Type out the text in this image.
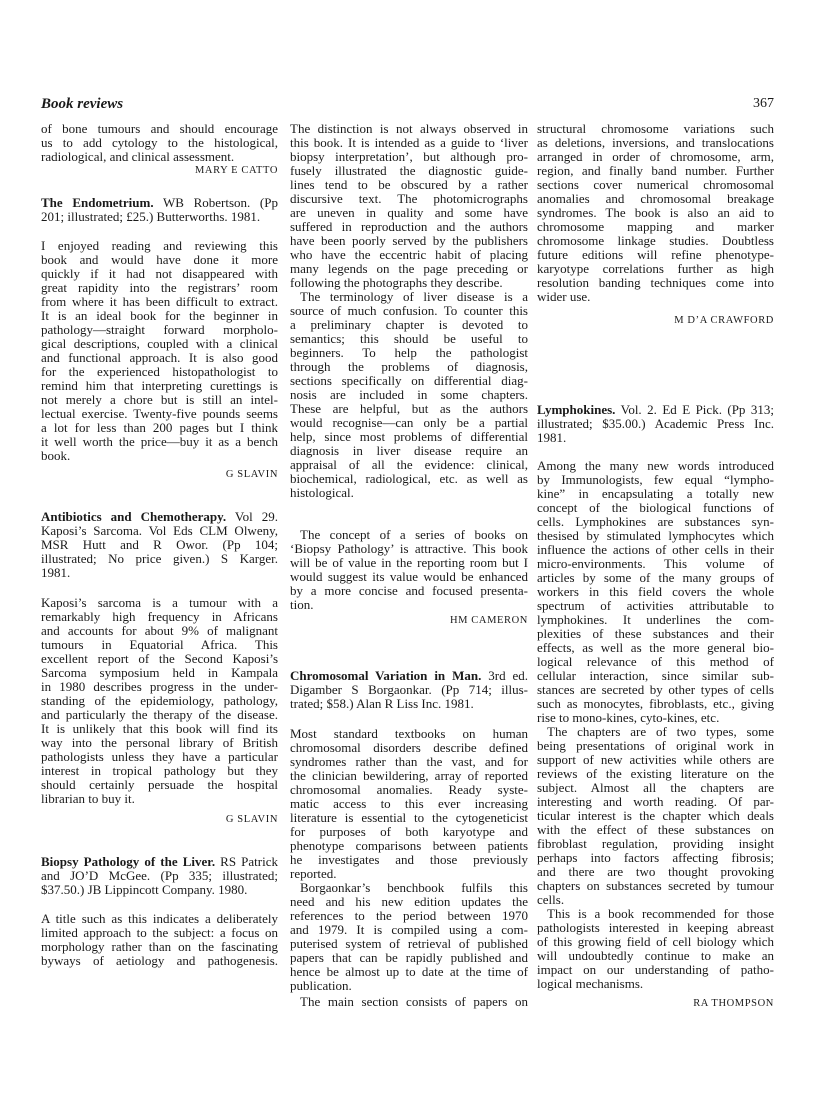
Book reviews	367
of bone tumours and should encourage
us to add cytology to the histological,
radiological, and clinical assessment.
MARY E CATTO
The Endometrium. WB Robertson. (Pp
201; illustrated; £25.) Butterworths. 1981.
I enjoyed reading and reviewing this
book and would have done it more
quickly if it had not disappeared with
great rapidity into the registrars’ room
from where it has been difficult to extract.
It is an ideal book for the beginner in
pathology—straight forward morpholo-
gical descriptions, coupled with a clinical
and functional approach. It is also good
for the experienced histopathologist to
remind him that interpreting curettings is
not merely a chore but is still an intel-
lectual exercise. Twenty-five pounds seems
a lot for less than 200 pages but I think
it well worth the price—buy it as a bench
book.
G SLAVIN
Antibiotics and Chemotherapy. Vol 29.
Kaposi’s Sarcoma. Vol Eds CLM Olweny,
MSR Hutt and R Owor. (Pp 104;
illustrated; No price given.) S Karger.
1981.
Kaposi’s sarcoma is a tumour with a
remarkably high frequency in Africans
and accounts for about 9% of malignant
tumours in Equatorial Africa. This
excellent report of the Second Kaposi’s
Sarcoma symposium held in Kampala
in 1980 describes progress in the under-
standing of the epidemiology, pathology,
and particularly the therapy of the disease.
It is unlikely that this book will find its
way into the personal library of British
pathologists unless they have a particular
interest in tropical pathology but they
should certainly persuade the hospital
librarian to buy it.
G SLAVIN
Biopsy Pathology of the Liver. RS Patrick
and JO’D McGee. (Pp 335; illustrated;
$37.50.) JB Lippincott Company. 1980.
A title such as this indicates a deliberately
limited approach to the subject: a focus on
morphology rather than on the fascinating
byways of aetiology and pathogenesis.
The distinction is not always observed in
this book. It is intended as a guide to ‘liver
biopsy interpretation’, but although pro-
fusely illustrated the diagnostic guide-
lines tend to be obscured by a rather
discursive text. The photomicrographs
are uneven in quality and some have
suffered in reproduction and the authors
have been poorly served by the publishers
who have the eccentric habit of placing
many legends on the page preceding or
following the photographs they describe.
The terminology of liver disease is a
source of much confusion. To counter this
a preliminary chapter is devoted to
semantics; this should be useful to
beginners. To help the pathologist
through the problems of diagnosis,
sections specifically on differential diag-
nosis are included in some chapters.
These are helpful, but as the authors
would recognise—can only be a partial
help, since most problems of differential
diagnosis in liver disease require an
appraisal of all the evidence: clinical,
biochemical, radiological, etc. as well as
histological.
The concept of a series of books on
‘Biopsy Pathology’ is attractive. This book
will be of value in the reporting room but I
would suggest its value would be enhanced
by a more concise and focused presenta-
tion.
HM CAMERON
Chromosomal Variation in Man. 3rd ed.
Digamber S Borgaonkar. (Pp 714; illus-
trated; $58.) Alan R Liss Inc. 1981.
Most standard textbooks on human
chromosomal disorders describe defined
syndromes rather than the vast, and for
the clinician bewildering, array of reported
chromosomal anomalies. Ready syste-
matic access to this ever increasing
literature is essential to the cytogeneticist
for purposes of both karyotype and
phenotype comparisons between patients
he investigates and those previously
reported.
Borgaonkar’s benchbook fulfils this
need and his new edition updates the
references to the period between 1970
and 1979. It is compiled using a com-
puterised system of retrieval of published
papers that can be rapidly published and
hence be almost up to date at the time of
publication.
The main section consists of papers on
structural chromosome variations such
as deletions, inversions, and translocations
arranged in order of chromosome, arm,
region, and finally band number. Further
sections cover numerical chromosomal
anomalies and chromosomal breakage
syndromes. The book is also an aid to
chromosome mapping and marker
chromosome linkage studies. Doubtless
future editions will refine phenotype-
karyotype correlations further as high
resolution banding techniques come into
wider use.
M D’A CRAWFORD
Lymphokines. Vol. 2. Ed E Pick. (Pp 313;
illustrated; $35.00.) Academic Press Inc.
1981.
Among the many new words introduced
by Immunologists, few equal “lympho-
kine” in encapsulating a totally new
concept of the biological functions of
cells. Lymphokines are substances syn-
thesised by stimulated lymphocytes which
influence the actions of other cells in their
micro-environments. This volume of
articles by some of the many groups of
workers in this field covers the whole
spectrum of activities attributable to
lymphokines. It underlines the com-
plexities of these substances and their
effects, as well as the more general bio-
logical relevance of this method of
cellular interaction, since similar sub-
stances are secreted by other types of cells
such as monocytes, fibroblasts, etc., giving
rise to mono-kines, cyto-kines, etc.
The chapters are of two types, some
being presentations of original work in
support of new activities while others are
reviews of the existing literature on the
subject. Almost all the chapters are
interesting and worth reading. Of par-
ticular interest is the chapter which deals
with the effect of these substances on
fibroblast regulation, providing insight
perhaps into factors affecting fibrosis;
and there are two thought provoking
chapters on substances secreted by tumour
cells.
This is a book recommended for those
pathologists interested in keeping abreast
of this growing field of cell biology which
will undoubtedly continue to make an
impact on our understanding of patho-
logical mechanisms.
RA THOMPSON
